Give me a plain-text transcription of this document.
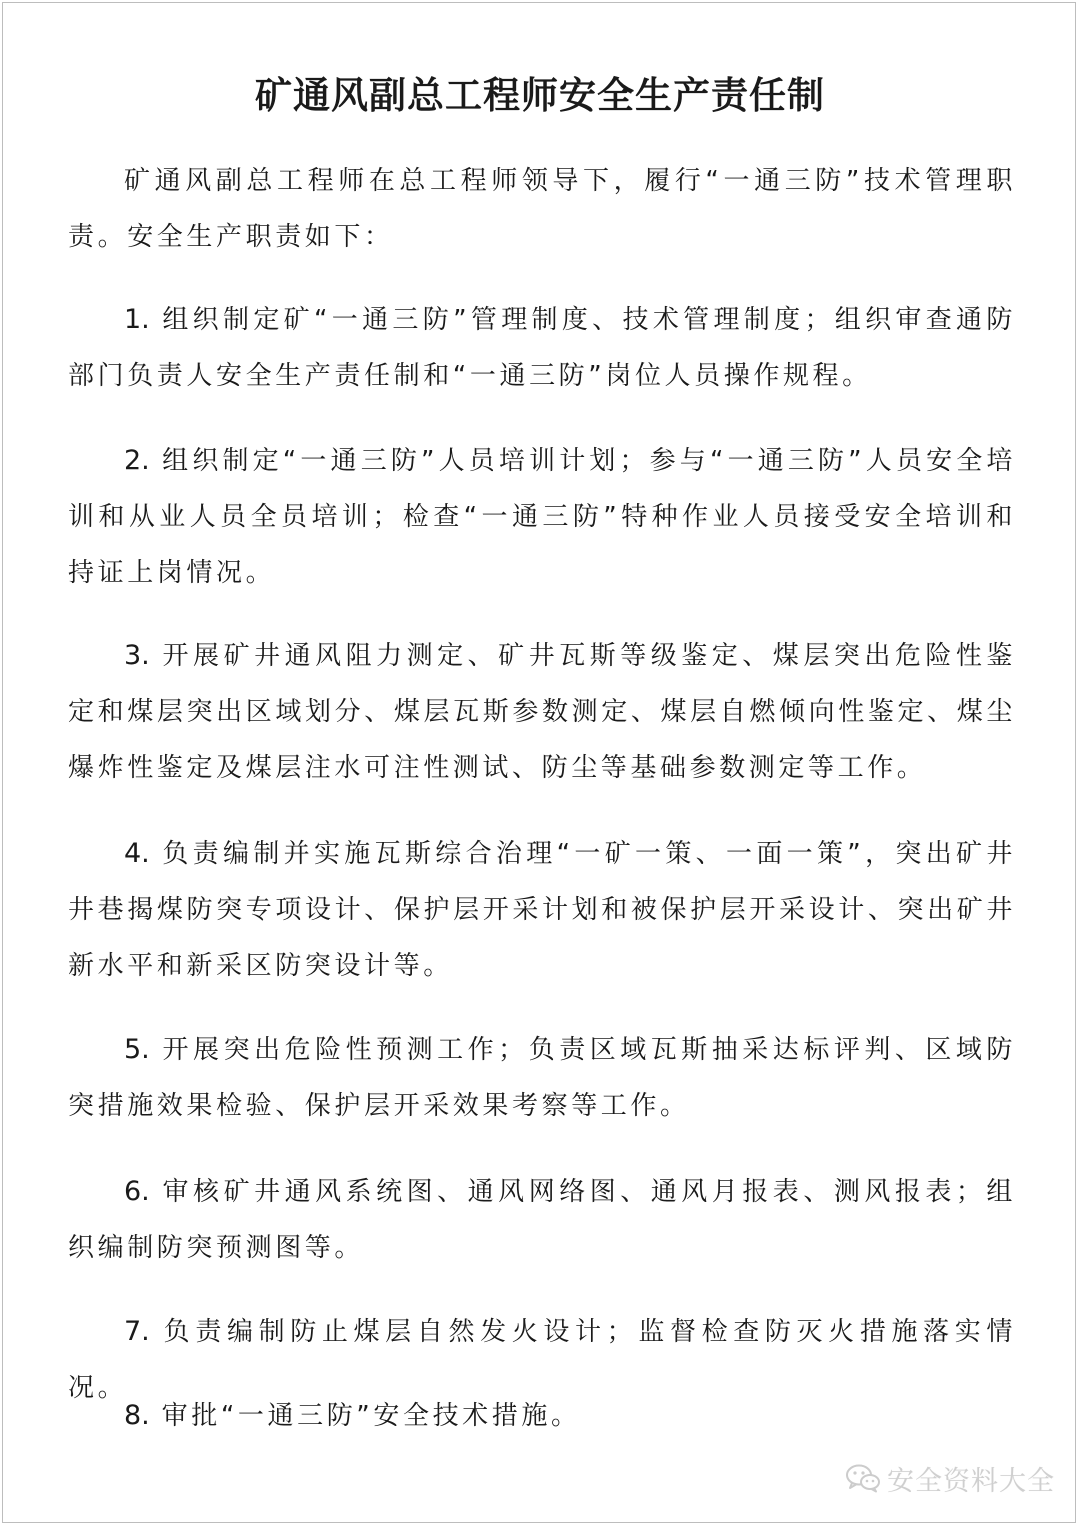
矿通风副总工程师安全生产责任制

矿通风副总工程师在总工程师领导下，履行“一通三防”技术管理职责。安全生产职责如下：

1. 组织制定矿“一通三防”管理制度、技术管理制度；组织审查通防部门负责人安全生产责任制和“一通三防”岗位人员操作规程。

2. 组织制定“一通三防”人员培训计划；参与“一通三防”人员安全培训和从业人员全员培训；检查“一通三防”特种作业人员接受安全培训和持证上岗情况。

3. 开展矿井通风阻力测定、矿井瓦斯等级鉴定、煤层突出危险性鉴定和煤层突出区域划分、煤层瓦斯参数测定、煤层自燃倾向性鉴定、煤尘爆炸性鉴定及煤层注水可注性测试、防尘等基础参数测定等工作。

4. 负责编制并实施瓦斯综合治理“一矿一策、一面一策”，突出矿井井巷揭煤防突专项设计、保护层开采计划和被保护层开采设计、突出矿井新水平和新采区防突设计等。

5. 开展突出危险性预测工作；负责区域瓦斯抽采达标评判、区域防突措施效果检验、保护层开采效果考察等工作。

6. 审核矿井通风系统图、通风网络图、通风月报表、测风报表；组织编制防突预测图等。

7. 负责编制防止煤层自然发火设计；监督检查防灭火措施落实情况。

8. 审批“一通三防”安全技术措施。

安全资料大全
